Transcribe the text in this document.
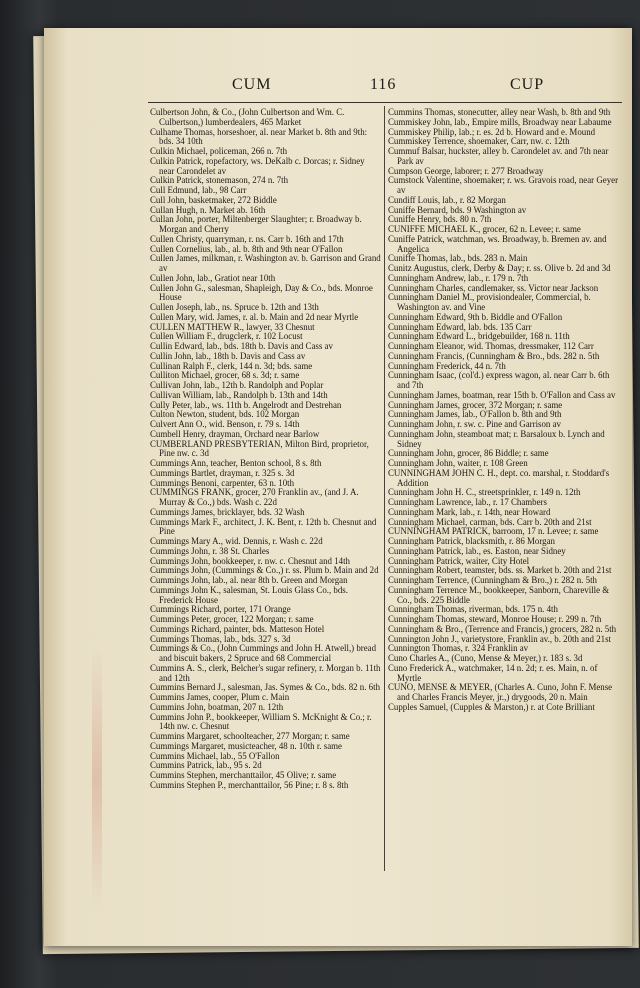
CUM	116	CUP
Culbertson John, & Co., (John Culbertson and Wm. C. Culbertson,) lumberdealers, 465 Market
Culhame Thomas, horseshoer, al. near Market b. 8th and 9th: bds. 34 10th
Culkin Michael, policeman, 266 n. 7th
Culkin Patrick, ropefactory, ws. DeKalb c. Dorcas; r. Sidney near Carondelet av
Culkin Patrick, stonemason, 274 n. 7th
Cull Edmund, lab., 98 Carr
Cull John, basketmaker, 272 Biddle
Cullan Hugh, n. Market ab. 16th
Cullan John, porter, Miltenberger Slaughter; r. Broadway b. Morgan and Cherry
Cullen Christy, quarryman, r. ns. Carr b. 16th and 17th
Cullen Cornelius, lab., al. b. 8th and 9th near O'Fallon
Cullen James, milkman, r. Washington av. b. Garrison and Grand av
Cullen John, lab., Gratiot near 10th
Cullen John G., salesman, Shapleigh, Day & Co., bds. Monroe House
Cullen Joseph, lab., ns. Spruce b. 12th and 13th
Cullen Mary, wid. James, r. al. b. Main and 2d near Myrtle
CULLEN MATTHEW R., lawyer, 33 Chesnut
Cullen William F., drugclerk, r. 102 Locust
Cullin Edward, lab., bds. 18th b. Davis and Cass av
Cullin John, lab., 18th b. Davis and Cass av
Cullinan Ralph F., clerk, 144 n. 3d; bds. same
Culliton Michael, grocer, 68 s. 3d; r. same
Cullivan John, lab., 12th b. Randolph and Poplar
Cullivan William, lab., Randolph b. 13th and 14th
Cully Peter, lab., ws. 11th b. Angelrodt and Destrehan
Culton Newton, student, bds. 102 Morgan
Culvert Ann O., wid. Benson, r. 79 s. 14th
Cumbell Henry, drayman, Orchard near Barlow
CUMBERLAND PRESBYTERIAN, Milton Bird, proprietor, Pine nw. c. 3d
Cummings Ann, teacher, Benton school, 8 s. 8th
Cummings Bartlet, drayman, r. 325 s. 3d
Cummings Benoni, carpenter, 63 n. 10th
CUMMINGS FRANK, grocer, 270 Franklin av., (and J. A. Murray & Co.,) bds. Wash c. 22d
Cummings James, bricklayer, bds. 32 Wash
Cummings Mark F., architect, J. K. Bent, r. 12th b. Chesnut and Pine
Cummings Mary A., wid. Dennis, r. Wash c. 22d
Cummings John, r. 38 St. Charles
Cummings John, bookkeeper, r. nw. c. Chesnut and 14th
Cummings John, (Cummings & Co.,) r. ss. Plum b. Main and 2d
Cummings John, lab., al. near 8th b. Green and Morgan
Cummings John K., salesman, St. Louis Glass Co., bds. Frederick House
Cummings Richard, porter, 171 Orange
Cummings Peter, grocer, 122 Morgan; r. same
Cummings Richard, painter, bds. Matteson Hotel
Cummings Thomas, lab., bds. 327 s. 3d
Cummings & Co., (John Cummings and John H. Atwell,) bread and biscuit bakers, 2 Spruce and 68 Commercial
Cummins A. S., clerk, Belcher's sugar refinery, r. Morgan b. 11th and 12th
Cummins Bernard J., salesman, Jas. Symes & Co., bds. 82 n. 6th
Cummins James, cooper, Plum c. Main
Cummins John, boatman, 207 n. 12th
Cummins John P., bookkeeper, William S. McKnight & Co.; r. 14th nw. c. Chesnut
Cummins Margaret, schoolteacher, 277 Morgan; r. same
Cummings Margaret, musicteacher, 48 n. 10th r. same
Cummins Michael, lab., 55 O'Fallon
Cummins Patrick, lab., 95 s. 2d
Cummins Stephen, merchanttailor, 45 Olive; r. same
Cummins Stephen P., merchanttailor, 56 Pine; r. 8 s. 8th
Cummins Thomas, stonecutter, alley near Wash, b. 8th and 9th
Cummiskey John, lab., Empire mills, Broadway near Labaume
Cummiskey Philip, lab.; r. es. 2d b. Howard and e. Mound
Cummiskey Terrence, shoemaker, Carr, nw. c. 12th
Cummuf Balsar, huckster, alley b. Carondelet av. and 7th near Park av
Cumpson George, laborer; r. 277 Broadway
Cumstock Valentine, shoemaker; r. ws. Gravois road, near Geyer av
Cundiff Louis, lab., r. 82 Morgan
Cuniffe Bernard, bds. 9 Washington av
Cuniffe Henry, bds. 80 n. 7th
CUNIFFE MICHAEL K., grocer, 62 n. Levee; r. same
Cuniffe Patrick, watchman, ws. Broadway, b. Bremen av. and Angelica
Cuniffe Thomas, lab., bds. 283 n. Main
Cunitz Augustus, clerk, Derby & Day; r. ss. Olive b. 2d and 3d
Cunningham Andrew, lab., r. 179 n. 7th
Cunningham Charles, candlemaker, ss. Victor near Jackson
Cunningham Daniel M., provisiondealer, Commercial, b. Washington av. and Vine
Cunningham Edward, 9th b. Biddle and O'Fallon
Cunningham Edward, lab. bds. 135 Carr
Cunningham Edward L., bridgebuilder, 168 n. 11th
Cunningham Eleanor, wid. Thomas, dressmaker, 112 Carr
Cunningham Francis, (Cunningham & Bro., bds. 282 n. 5th
Cunningham Frederick, 44 n. 7th
Cunningham Isaac, (col'd.) express wagon, al. near Carr b. 6th and 7th
Cunningham James, boatman, rear 15th b. O'Fallon and Cass av
Cunningham James, grocer, 372 Morgan; r. same
Cunningham James, lab., O'Fallon b. 8th and 9th
Cunningham John, r. sw. c. Pine and Garrison av
Cunningham John, steamboat mat; r. Barsaloux b. Lynch and Sidney
Cunningham John, grocer, 86 Biddle; r. same
Cunningham John, waiter, r. 108 Green
CUNNINGHAM JOHN C. H., dept. co. marshal, r. Stoddard's Addition
Cunningham John H. C., streetsprinkler, r. 149 n. 12th
Cunningham Lawrence, lab., r. 17 Chambers
Cunningham Mark, lab., r. 14th, near Howard
Cunningham Michael, carman, bds. Carr b. 20th and 21st
CUNNINGHAM PATRICK, barroom, 17 n. Levee; r. same
Cunningham Patrick, blacksmith, r. 86 Morgan
Cunningham Patrick, lab., es. Easton, near Sidney
Cunningham Patrick, waiter, City Hotel
Cunningham Robert, teamster, bds. ss. Market b. 20th and 21st
Cunningham Terrence, (Cunningham & Bro.,) r. 282 n. 5th
Cunningham Terrence M., bookkeeper, Sanborn, Chareville & Co., bds. 225 Biddle
Cunningham Thomas, riverman, bds. 175 n. 4th
Cunningham Thomas, steward, Monroe House; r. 299 n. 7th
Cunningham & Bro., (Terrence and Francis,) grocers, 282 n. 5th
Cunnington John J., varietystore, Franklin av., b. 20th and 21st
Cunnington Thomas, r. 324 Franklin av
Cuno Charles A., (Cuno, Mense & Meyer,) r. 183 s. 3d
Cuno Frederick A., watchmaker, 14 n. 2d; r. es. Main, n. of Myrtle
CUNO, MENSE & MEYER, (Charles A. Cuno, John F. Mense and Charles Francis Meyer, jr.,) drygoods, 20 n. Main
Cupples Samuel, (Cupples & Marston,) r. at Cote Brilliant
